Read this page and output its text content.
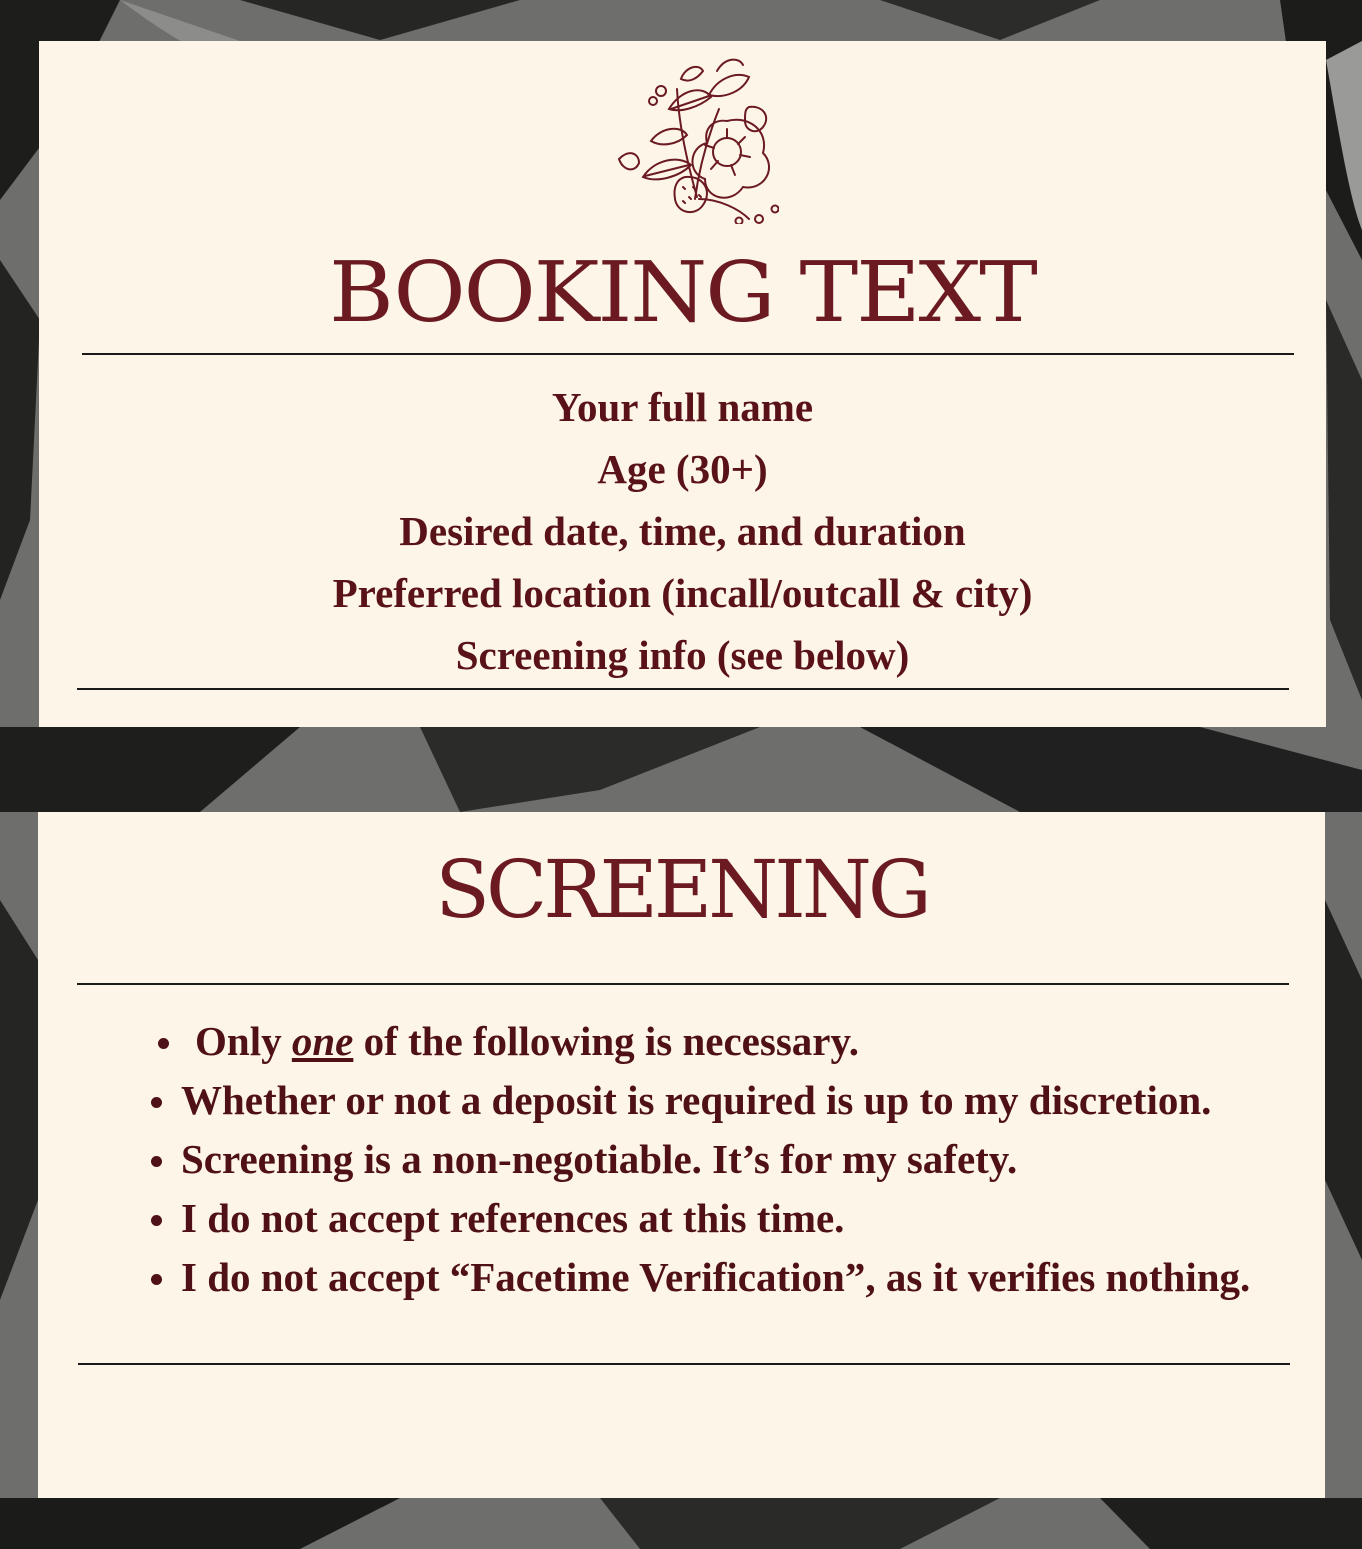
BOOKING TEXT
Your full name
Age (30+)
Desired date, time, and duration
Preferred location (incall/outcall & city)
Screening info (see below)
SCREENING
Only one of the following is necessary.
Whether or not a deposit is required is up to my discretion.
Screening is a non-negotiable. It’s for my safety.
I do not accept references at this time.
I do not accept “Facetime Verification”, as it verifies nothing.
